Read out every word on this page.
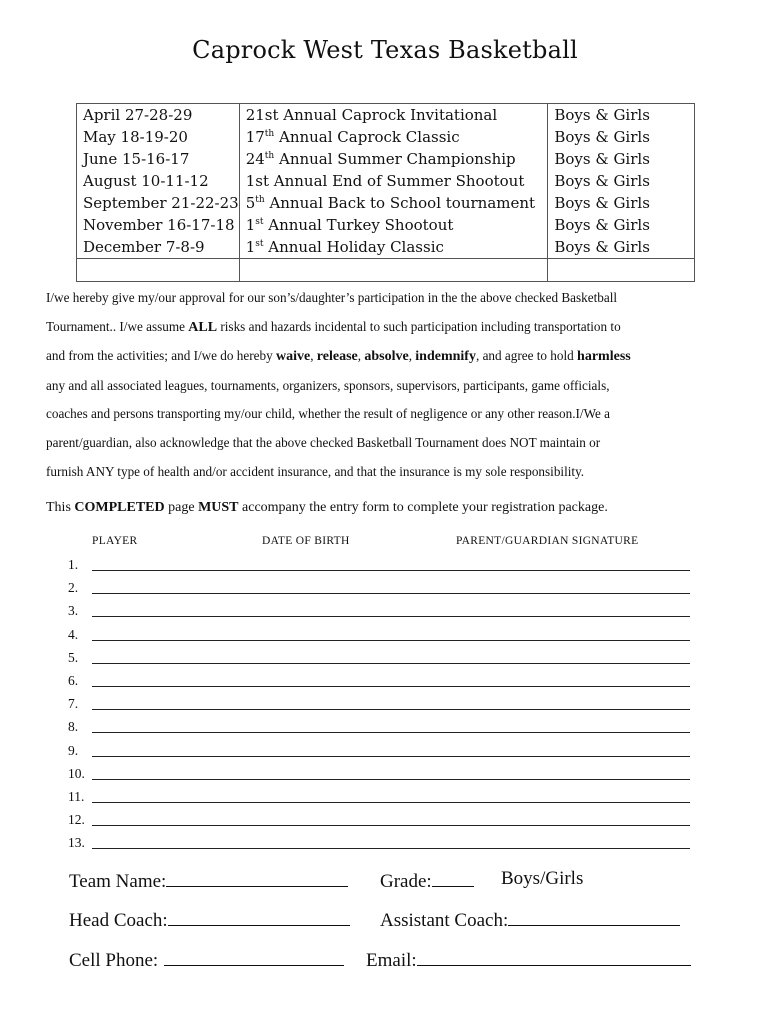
Caprock West Texas Basketball
April 27-28-29	21st Annual Caprock Invitational	Boys & Girls
May 18-19-20	17th Annual Caprock Classic	Boys & Girls
June 15-16-17	24th Annual Summer Championship	Boys & Girls
August 10-11-12	1st Annual End of Summer Shootout	Boys & Girls
September 21-22-23	5th Annual Back to School tournament	Boys & Girls
November 16-17-18	1st Annual Turkey Shootout	Boys & Girls
December 7-8-9	1st Annual Holiday Classic	Boys & Girls

I/we hereby give my/our approval for our son’s/daughter’s participation in the the above checked Basketball

Tournament.. I/we assume ALL risks and hazards incidental to such participation including transportation to

and from the activities; and I/we do hereby waive, release, absolve, indemnify, and agree to hold harmless

any and all associated leagues, tournaments, organizers, sponsors, supervisors, participants, game officials,

coaches and persons transporting my/our child, whether the result of negligence or any other reason.I/We a

parent/guardian, also acknowledge that the above checked Basketball Tournament does NOT maintain or

furnish ANY type of health and/or accident insurance, and that the insurance is my sole responsibility.

This COMPLETED page MUST accompany the entry form to complete your registration package.
PLAYER	DATE OF BIRTH	PARENT/GUARDIAN SIGNATURE
1.
2.
3.
4.
5.
6.
7.
8.
9.
10.
11.
12.
13.
Team Name:	Grade:	Boys/Girls
Head Coach:	Assistant Coach:
Cell Phone:	Email:
